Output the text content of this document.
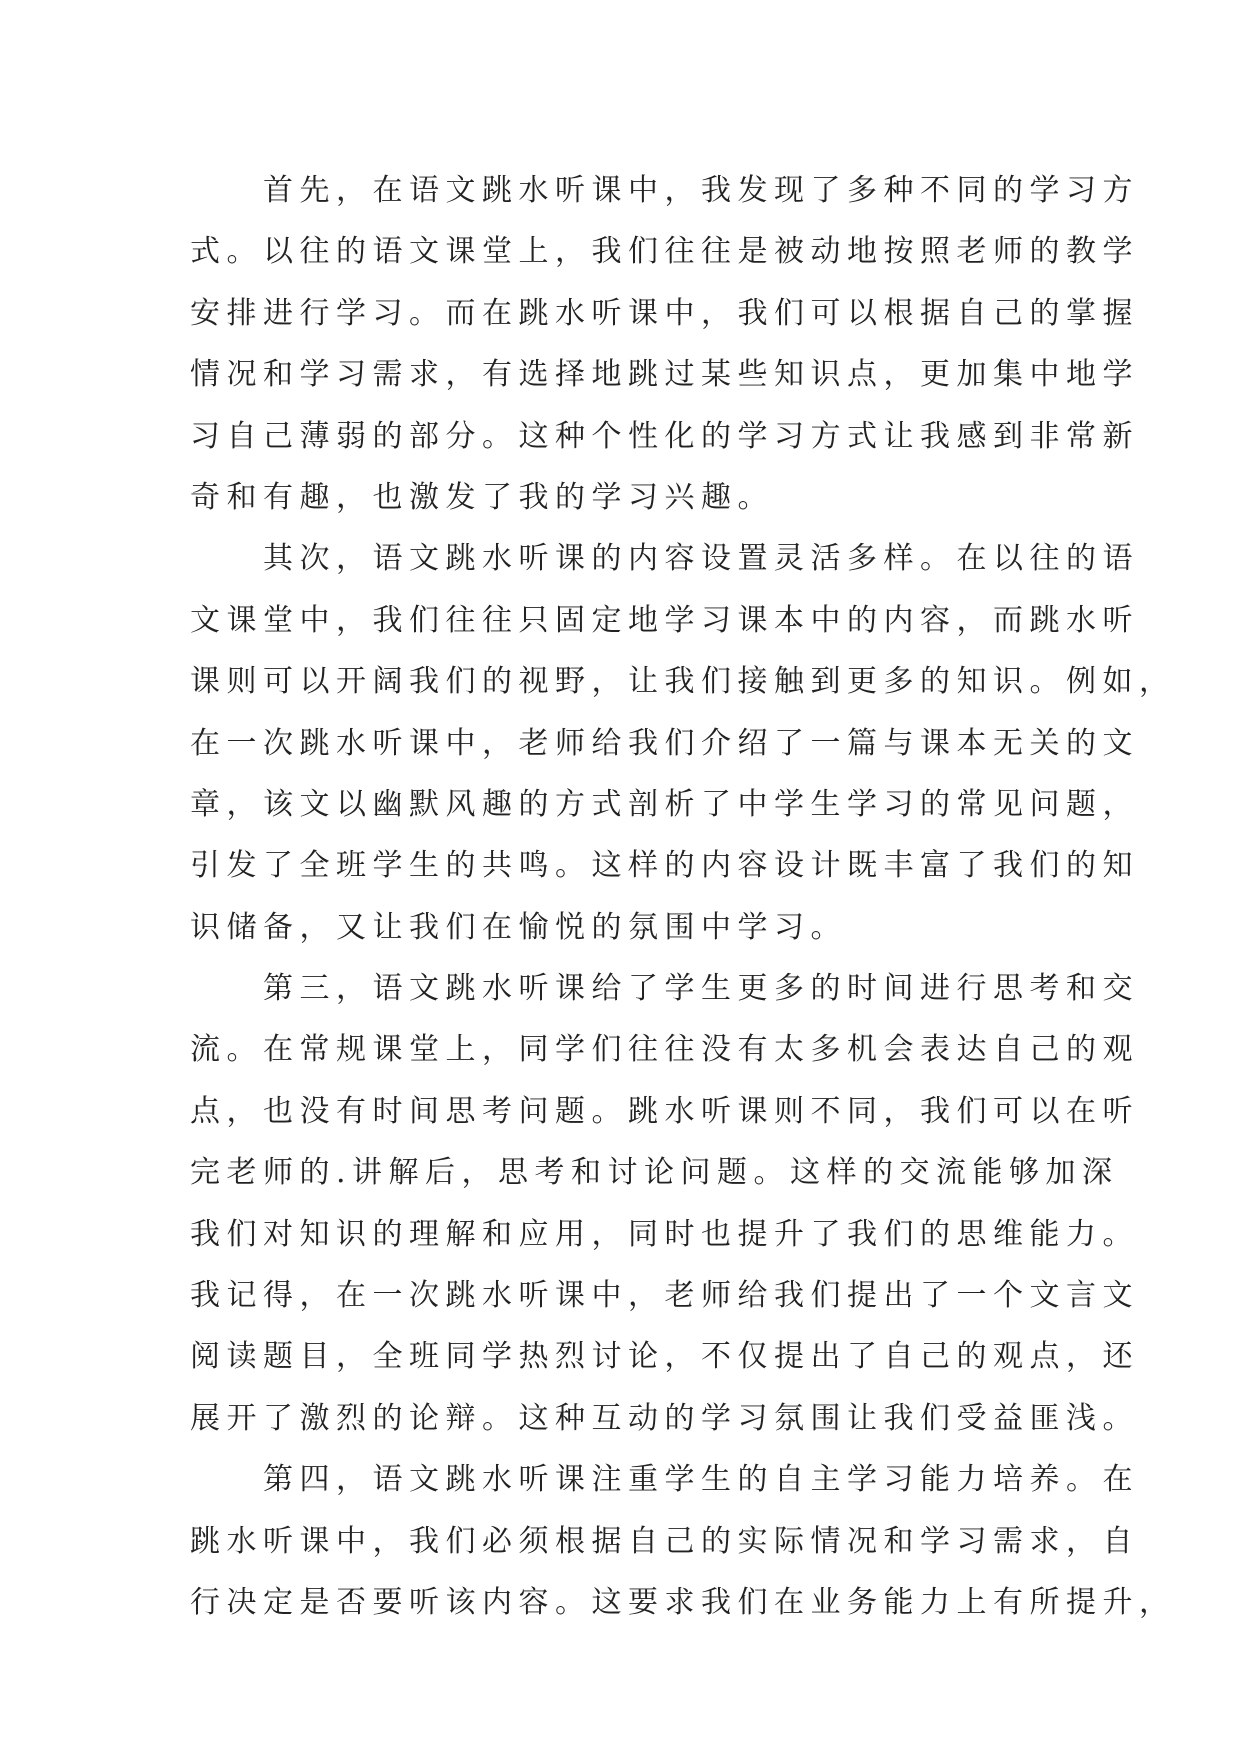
　　首先，在语文跳水听课中，我发现了多种不同的学习方
式。以往的语文课堂上，我们往往是被动地按照老师的教学
安排进行学习。而在跳水听课中，我们可以根据自己的掌握
情况和学习需求，有选择地跳过某些知识点，更加集中地学
习自己薄弱的部分。这种个性化的学习方式让我感到非常新
奇和有趣，也激发了我的学习兴趣。
　　其次，语文跳水听课的内容设置灵活多样。在以往的语
文课堂中，我们往往只固定地学习课本中的内容，而跳水听
课则可以开阔我们的视野，让我们接触到更多的知识。例如，
在一次跳水听课中，老师给我们介绍了一篇与课本无关的文
章，该文以幽默风趣的方式剖析了中学生学习的常见问题，
引发了全班学生的共鸣。这样的内容设计既丰富了我们的知
识储备，又让我们在愉悦的氛围中学习。
　　第三，语文跳水听课给了学生更多的时间进行思考和交
流。在常规课堂上，同学们往往没有太多机会表达自己的观
点，也没有时间思考问题。跳水听课则不同，我们可以在听
完老师的.讲解后，思考和讨论问题。这样的交流能够加深
我们对知识的理解和应用，同时也提升了我们的思维能力。
我记得，在一次跳水听课中，老师给我们提出了一个文言文
阅读题目，全班同学热烈讨论，不仅提出了自己的观点，还
展开了激烈的论辩。这种互动的学习氛围让我们受益匪浅。
　　第四，语文跳水听课注重学生的自主学习能力培养。在
跳水听课中，我们必须根据自己的实际情况和学习需求，自
行决定是否要听该内容。这要求我们在业务能力上有所提升，
